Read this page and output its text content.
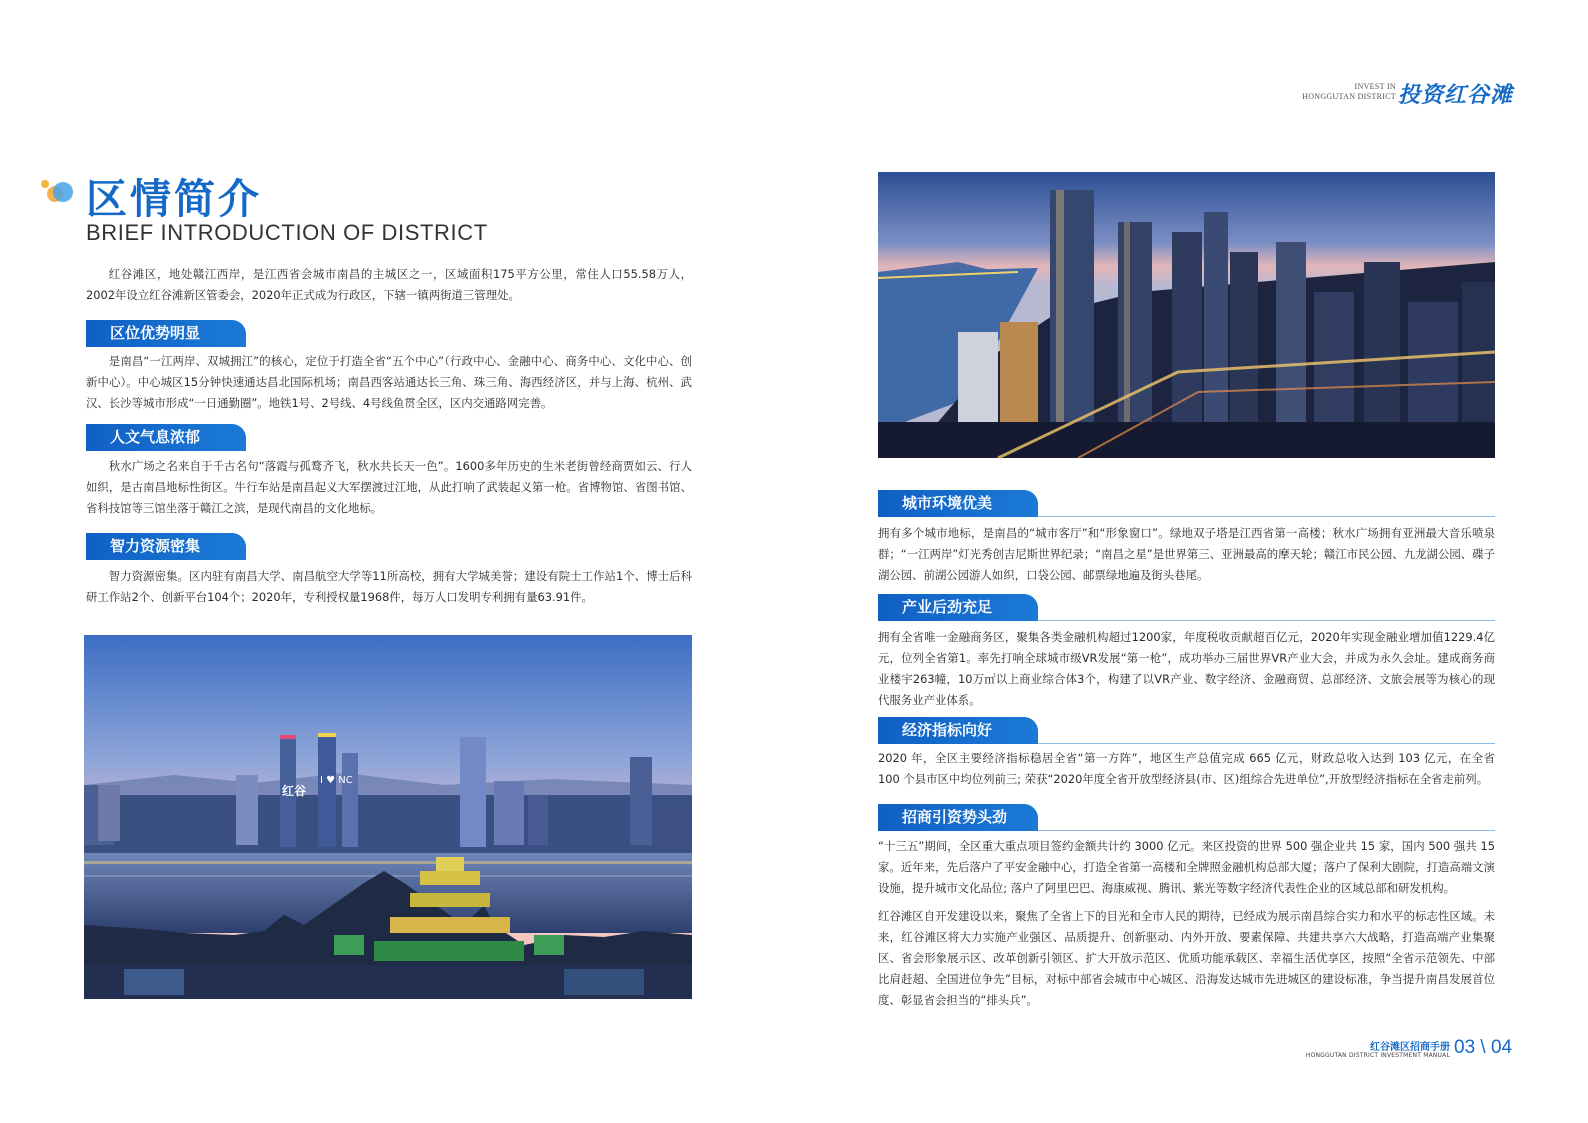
INVEST IN
HONGGUTAN DISTRICT 投资红谷滩
区情简介
BRIEF INTRODUCTION OF DISTRICT

红谷滩区，地处赣江西岸，是江西省会城市南昌的主城区之一，区域面积175平方公里，常住人口55.58万人，2002年设立红谷滩新区管委会，2020年正式成为行政区，下辖一镇两街道三管理处。

区位优势明显

是南昌“一江两岸、双城拥江”的核心，定位于打造全省“五个中心”（行政中心、金融中心、商务中心、文化中心、创新中心）。中心城区15分钟快速通达昌北国际机场；南昌西客站通达长三角、珠三角、海西经济区，并与上海、杭州、武汉、长沙等城市形成“一日通勤圈”。地铁1号、2号线、4号线鱼贯全区，区内交通路网完善。

人文气息浓郁

秋水广场之名来自于千古名句“落霞与孤鹜齐飞，秋水共长天一色”。1600多年历史的生米老街曾经商贾如云、行人如织，是古南昌地标性街区。牛行车站是南昌起义大军摆渡过江地，从此打响了武装起义第一枪。省博物馆、省图书馆、省科技馆等三馆坐落于赣江之滨，是现代南昌的文化地标。

智力资源密集

智力资源密集。区内驻有南昌大学、南昌航空大学等11所高校，拥有大学城美誉；建设有院士工作站1个、博士后科研工作站2个、创新平台104个；2020年，专利授权量1968件，每万人口发明专利拥有量63.91件。

红谷
I ♥ NC
城市环境优美

拥有多个城市地标，是南昌的“城市客厅”和“形象窗口”。绿地双子塔是江西省第一高楼；秋水广场拥有亚洲最大音乐喷泉群；“一江两岸”灯光秀创吉尼斯世界纪录；“南昌之星”是世界第三、亚洲最高的摩天轮；赣江市民公园、九龙湖公园、碟子湖公园、前湖公园游人如织，口袋公园、邮票绿地遍及街头巷尾。

产业后劲充足

拥有全省唯一金融商务区，聚集各类金融机构超过1200家，年度税收贡献超百亿元，2020年实现金融业增加值1229.4亿元，位列全省第1。率先打响全球城市级VR发展“第一枪”，成功举办三届世界VR产业大会，并成为永久会址。建成商务商业楼宇263幢，10万㎡以上商业综合体3个，构建了以VR产业、数字经济、金融商贸、总部经济、文旅会展等为核心的现代服务业产业体系。

经济指标向好

2020 年，全区主要经济指标稳居全省“第一方阵”，地区生产总值完成 665 亿元，财政总收入达到 103 亿元，在全省 100 个县市区中均位列前三; 荣获“2020年度全省开放型经济县(市、区)组综合先进单位”,开放型经济指标在全省走前列。

招商引资势头劲

“十三五”期间，全区重大重点项目签约金额共计约 3000 亿元。来区投资的世界 500 强企业共 15 家，国内 500 强共 15 家。近年来，先后落户了平安金融中心，打造全省第一高楼和全牌照金融机构总部大厦；落户了保利大剧院，打造高端文演设施，提升城市文化品位; 落户了阿里巴巴、海康威视、腾讯、紫光等数字经济代表性企业的区域总部和研发机构。

红谷滩区自开发建设以来，聚焦了全省上下的目光和全市人民的期待，已经成为展示南昌综合实力和水平的标志性区域。未来，红谷滩区将大力实施产业强区、品质提升、创新驱动、内外开放、要素保障、共建共享六大战略，打造高端产业集聚区、省会形象展示区、改革创新引领区、扩大开放示范区、优质功能承载区、幸福生活优享区，按照“全省示范领先、中部比肩赶超、全国进位争先”目标，对标中部省会城市中心城区、沿海发达城市先进城区的建设标准，争当提升南昌发展首位度、彰显省会担当的“排头兵”。

红谷滩区招商手册
HONGGUTAN DISTRICT INVESTMENT MANUAL 03 \ 04
